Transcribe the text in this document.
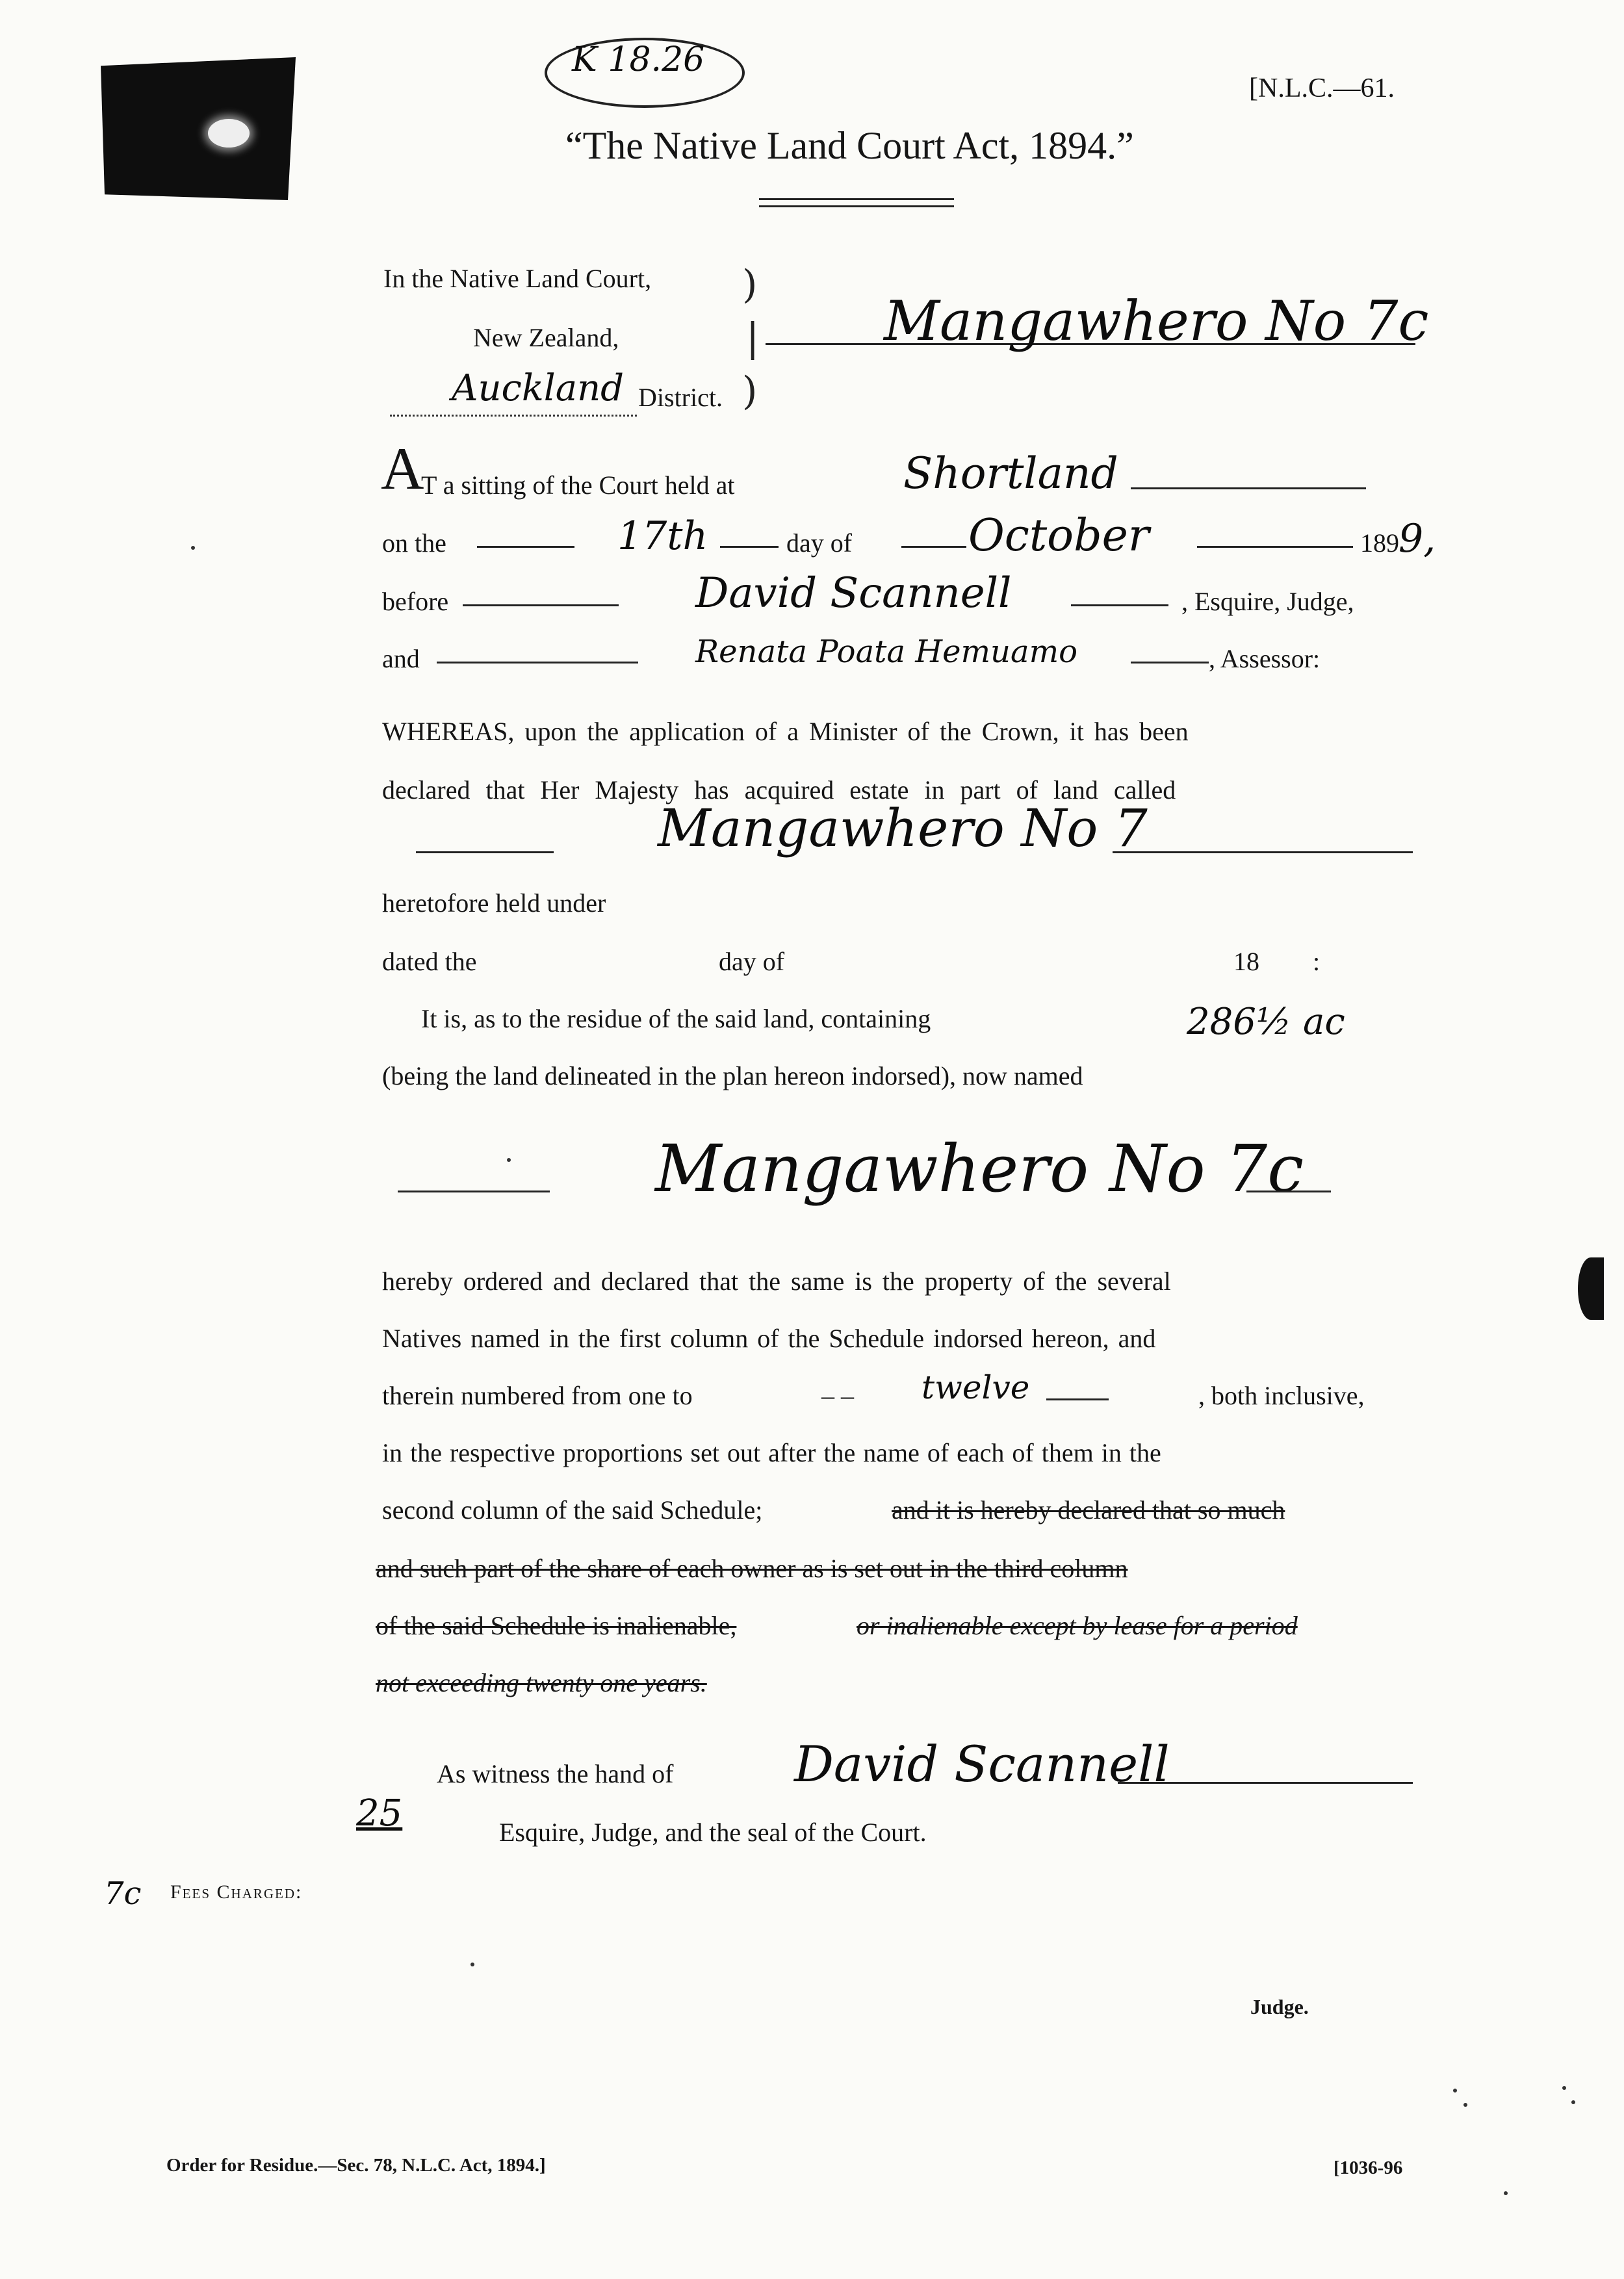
K 18.26
[N.L.C.—61.
“The Native Land Court Act, 1894.”
In the Native Land Court,
New Zealand,
Auckland District.
)
|
)
Mangawhero No 7c
A
T a sitting of the Court held at	Shortland
on the	17th	day of	October	189 9,
before	David Scannell	, Esquire, Judge,
and	Renata Poata Hemuamo	, Assessor:
WHEREAS, upon the application of a Minister of the Crown, it has been
declared that Her Majesty has acquired estate in part of land called
Mangawhero No 7
heretofore held under
dated the	day of	18 :
It is, as to the residue of the said land, containing	286½ ac
(being the land delineated in the plan hereon indorsed), now named
Mangawhero No 7c
hereby ordered and declared that the same is the property of the several
Natives named in the first column of the Schedule indorsed hereon, and
therein numbered from one to	– – twelve	, both inclusive,
in the respective proportions set out after the name of each of them in the
second column of the said Schedule;	and it is hereby declared that so much
and such part of the share of each owner as is set out in the third column
of the said Schedule is inalienable,	or inalienable except by lease for a period
not exceeding twenty one years.
As witness the hand of David Scannell
25	Esquire, Judge, and the seal of the Court.
7c Fees Charged:
Judge.
Order for Residue.—Sec. 78, N.L.C. Act, 1894.]	[1036-96
